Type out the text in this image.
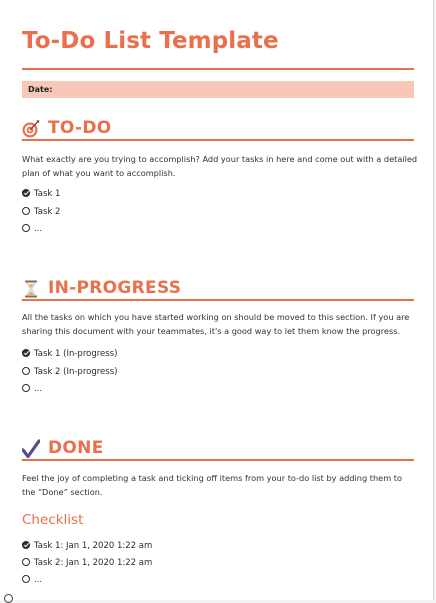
To-Do List Template
Date:
TO-DO

What exactly are you trying to accomplish? Add your tasks in here and come out with a detailed plan of what you want to accomplish.

Task 1
Task 2
...
IN-PROGRESS

All the tasks on which you have started working on should be moved to this section. If you are sharing this document with your teammates, it's a good way to let them know the progress.

Task 1 (In-progress)
Task 2 (In-progress)
...
DONE

Feel the joy of completing a task and ticking off items from your to-do list by adding them to the “Done” section.

Checklist
Task 1: Jan 1, 2020 1:22 am
Task 2: Jan 1, 2020 1:22 am
...
